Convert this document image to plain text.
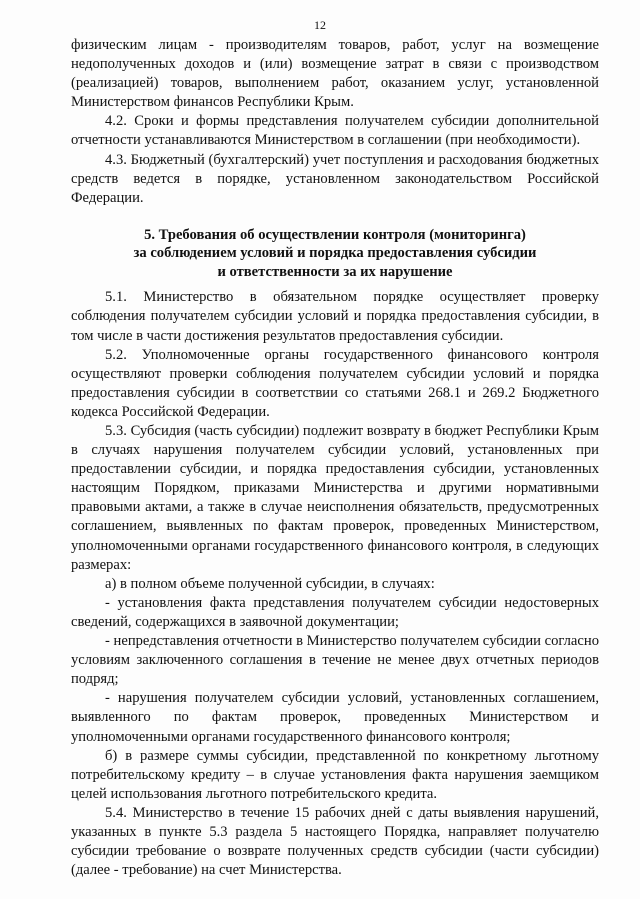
12

физическим лицам - производителям товаров, работ, услуг на возмещение недополученных доходов и (или) возмещение затрат в связи с производством (реализацией) товаров, выполнением работ, оказанием услуг, установленной Министерством финансов Республики Крым.

4.2. Сроки и формы представления получателем субсидии дополнительной отчетности устанавливаются Министерством в соглашении (при необходимости).

4.3. Бюджетный (бухгалтерский) учет поступления и расходования бюджетных средств ведется в порядке, установленном законодательством Российской Федерации.

5. Требования об осуществлении контроля (мониторинга)
за соблюдением условий и порядка предоставления субсидии
и ответственности за их нарушение

5.1. Министерство в обязательном порядке осуществляет проверку соблюдения получателем субсидии условий и порядка предоставления субсидии, в том числе в части достижения результатов предоставления субсидии.

5.2. Уполномоченные органы государственного финансового контроля осуществляют проверки соблюдения получателем субсидии условий и порядка предоставления субсидии в соответствии со статьями 268.1 и 269.2 Бюджетного кодекса Российской Федерации.

5.3. Субсидия (часть субсидии) подлежит возврату в бюджет Республики Крым в случаях нарушения получателем субсидии условий, установленных при предоставлении субсидии, и порядка предоставления субсидии, установленных настоящим Порядком, приказами Министерства и другими нормативными правовыми актами, а также в случае неисполнения обязательств, предусмотренных соглашением, выявленных по фактам проверок, проведенных Министерством, уполномоченными органами государственного финансового контроля, в следующих размерах:

а) в полном объеме полученной субсидии, в случаях:

- установления факта представления получателем субсидии недостоверных сведений, содержащихся в заявочной документации;

- непредставления отчетности в Министерство получателем субсидии согласно условиям заключенного соглашения в течение не менее двух отчетных периодов подряд;

- нарушения получателем субсидии условий, установленных соглашением, выявленного по фактам проверок, проведенных Министерством и уполномоченными органами государственного финансового контроля;

б) в размере суммы субсидии, представленной по конкретному льготному потребительскому кредиту – в случае установления факта нарушения заемщиком целей использования льготного потребительского кредита.

5.4. Министерство в течение 15 рабочих дней с даты выявления нарушений, указанных в пункте 5.3 раздела 5 настоящего Порядка, направляет получателю субсидии требование о возврате полученных средств субсидии (части субсидии) (далее - требование) на счет Министерства.
